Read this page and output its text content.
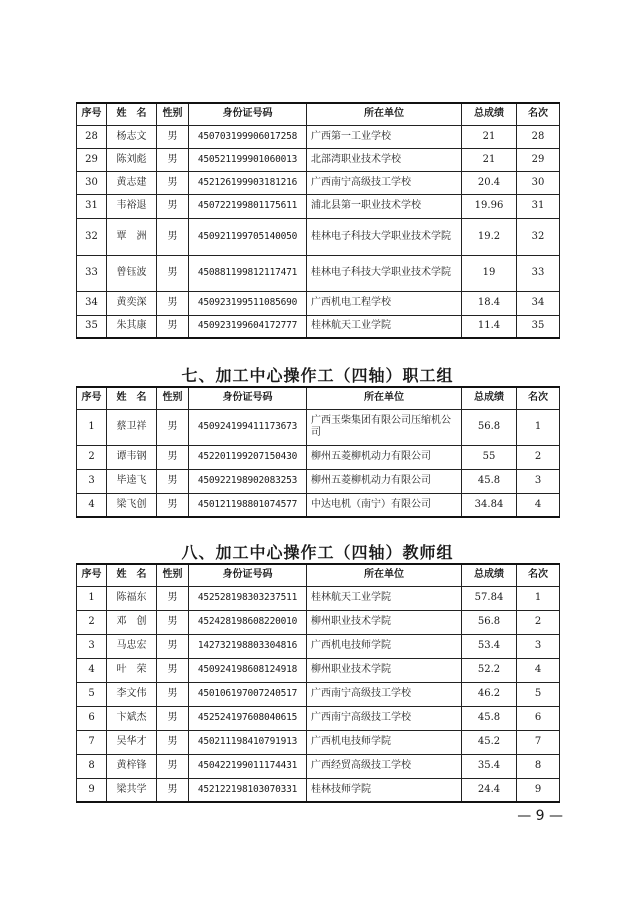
序号	姓　名	性别	身份证号码	所在单位	总成绩	名次
28	杨志文	男	450703199906017258	广西第一工业学校	21	28
29	陈刘彪	男	450521199901060013	北部湾职业技术学校	21	29
30	黄志建	男	452126199903181216	广西南宁高级技工学校	20.4	30
31	韦裕退	男	450722199801175611	浦北县第一职业技术学校	19.96	31
32	覃　洲	男	450921199705140050	桂林电子科技大学职业技术学院	19.2	32
33	曾钰波	男	450881199812117471	桂林电子科技大学职业技术学院	19	33
34	黄奕深	男	450923199511085690	广西机电工程学校	18.4	34
35	朱其康	男	450923199604172777	桂林航天工业学院	11.4	35
七、加工中心操作工（四轴）职工组
序号	姓　名	性别	身份证号码	所在单位	总成绩	名次
1	蔡卫祥	男	450924199411173673	广西玉柴集团有限公司压缩机公司	56.8	1
2	谭韦钢	男	452201199207150430	柳州五菱柳机动力有限公司	55	2
3	毕逵飞	男	450922198902083253	柳州五菱柳机动力有限公司	45.8	3
4	梁飞创	男	450121198801074577	中达电机（南宁）有限公司	34.84	4
八、加工中心操作工（四轴）教师组
序号	姓　名	性别	身份证号码	所在单位	总成绩	名次
1	陈福东	男	452528198303237511	桂林航天工业学院	57.84	1
2	邓　创	男	452428198608220010	柳州职业技术学院	56.8	2
3	马忠宏	男	142732198803304816	广西机电技师学院	53.4	3
4	叶　荣	男	450924198608124918	柳州职业技术学院	52.2	4
5	李文伟	男	450106197007240517	广西南宁高级技工学校	46.2	5
6	卞斌杰	男	452524197608040615	广西南宁高级技工学校	45.8	6
7	吴华才	男	450211198410791913	广西机电技师学院	45.2	7
8	黄梓锋	男	450422199011174431	广西经贸高级技工学校	35.4	8
9	梁共学	男	452122198103070331	桂林技师学院	24.4	9
— 9 —
